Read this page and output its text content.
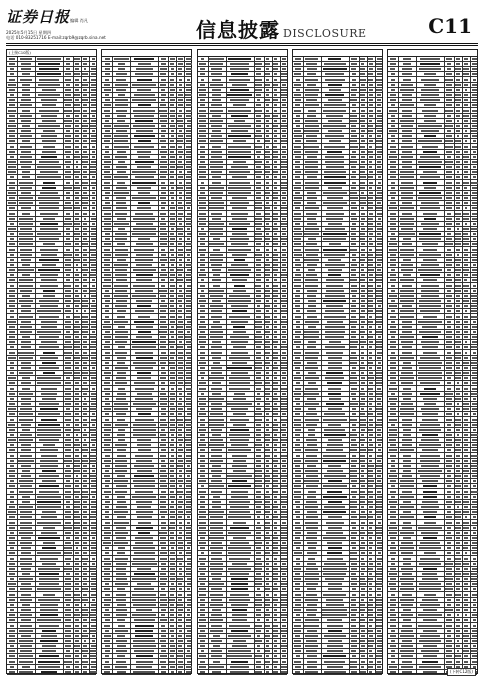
证券日报 编辑 肖凡
2025年5月15日 星期四
电话 010-83251716 E-mail:zqrb9@zqrb.sina.net	信息披露 DISCLOSURE	C11
(上接C10版)
(下转C12版)
